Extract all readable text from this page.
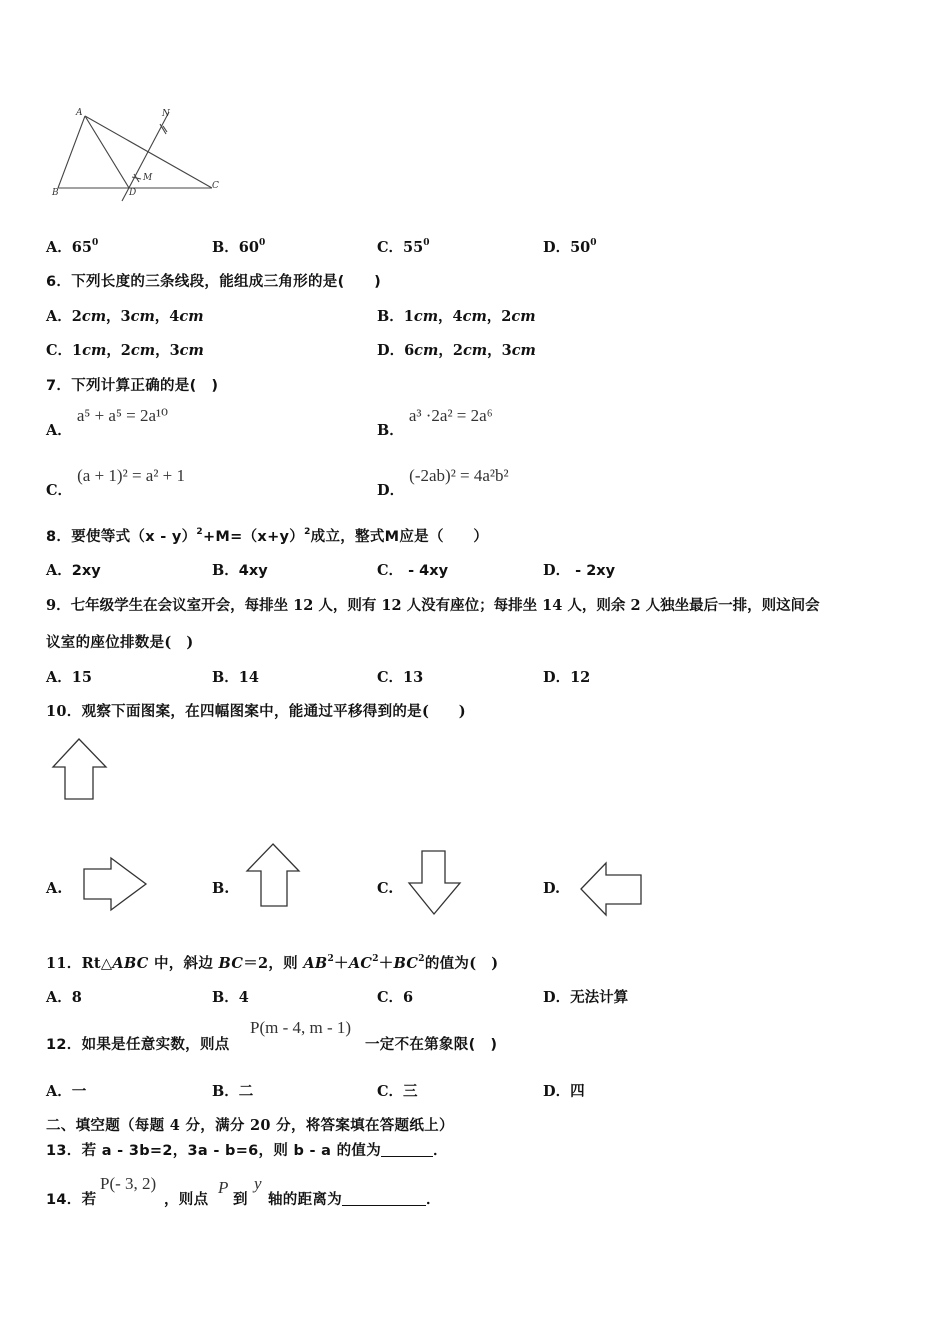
A
B
C
D
M
N
A．$65^0$	B．$60^0$	C．$55^0$	D．$50^0$
6．下列长度的三条线段，能组成三角形的是(　　)
A．2cm，3cm，4cm	B．1cm，4cm，2cm
C．1cm，2cm，3cm	D．6cm，2cm，3cm
7．下列计算正确的是(　)
A． a⁵ + a⁵ = 2a¹⁰
B． a³ ·2a² = 2a⁶
C． (a + 1)² = a² + 1
D． (-2ab)² = 4a²b²
8．要使等式$(x - y)^2+M=(x+y)^2$成立，整式M应是（　　）
A．2xy	B．4xy	C． - 4xy	D． - 2xy
9．七年级学生在会议室开会，每排坐 12 人，则有 12 人没有座位；每排坐 14 人，则余 2 人独坐最后一排，则这间会
议室的座位排数是(　)
A．15	B．14	C．13	D．12
10．观察下面图案，在四幅图案中，能通过平移得到的是(　　)
A.	B.	C.	D.
11．Rt△ABC 中，斜边 BC＝2，则 $AB^2+AC^2+BC^2$的值为(　)
A．8	B．4	C．6	D．无法计算
12．如果是任意实数，则点
P(m - 4, m - 1)
一定不在第象限(　)
A．一	B．二	C．三	D．四
二、填空题（每题 4 分，满分 20 分，将答案填在答题纸上）
13．若 a - 3b=2，3a - b=6，则 b - a 的值为	．
14．若
P(- 3, 2)
，则点
P
到
y
轴的距离为	．
